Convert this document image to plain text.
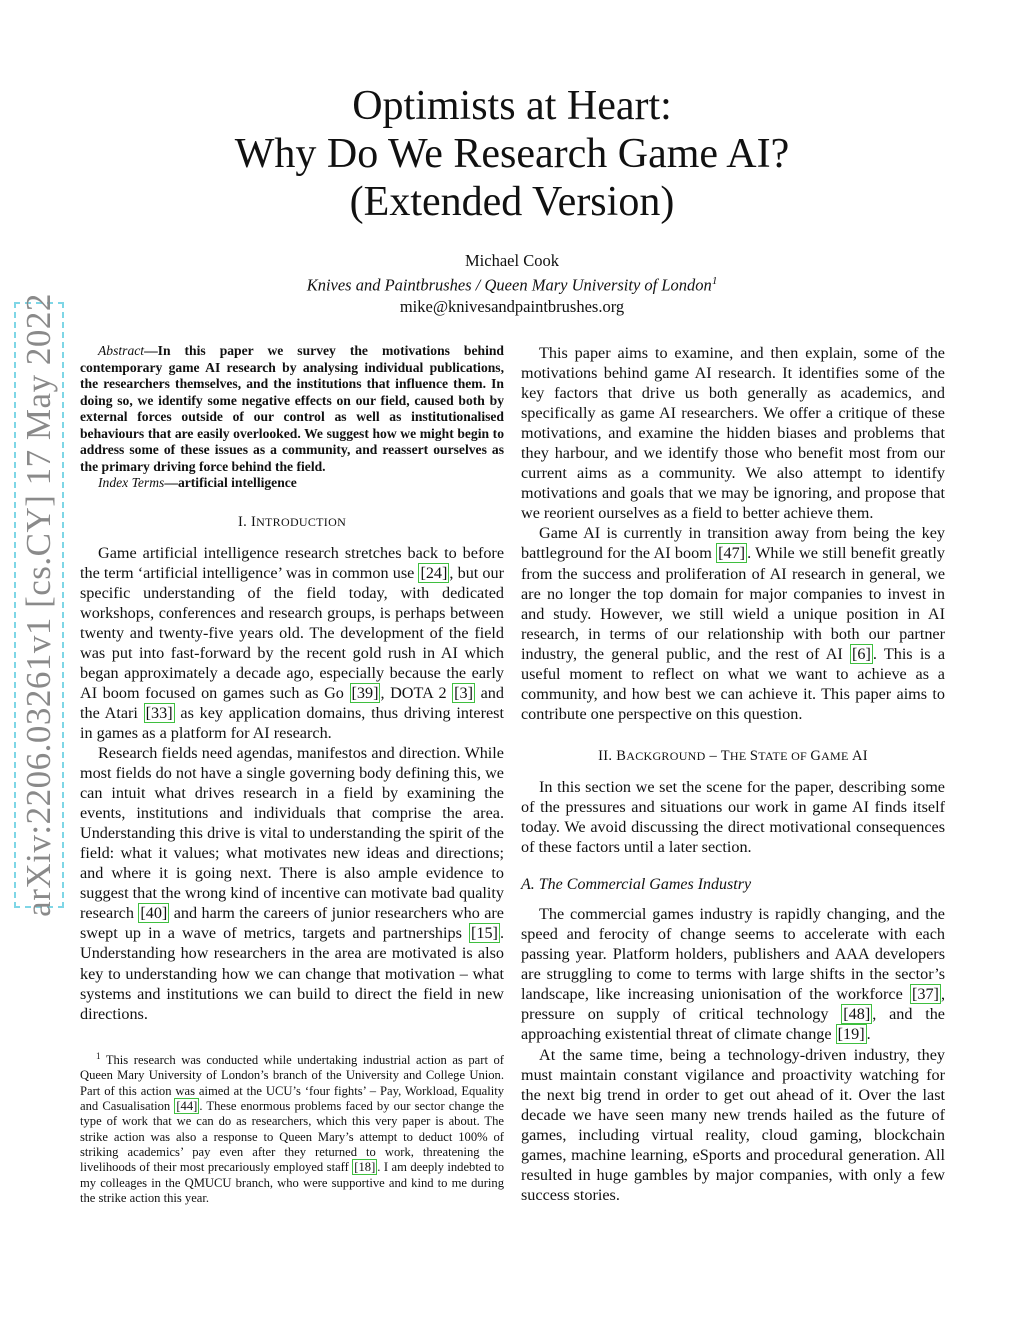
arXiv:2206.03261v1 [cs.CY] 17 May 2022
Optimists at Heart:
Why Do We Research Game AI?
(Extended Version)
Michael Cook
Knives and Paintbrushes / Queen Mary University of London$^1$
mike@knivesandpaintbrushes.org

Abstract—In this paper we survey the motivations behind contemporary game AI research by analysing individual publications, the researchers themselves, and the institutions that influence them. In doing so, we identify some negative effects on our field, caused both by external forces outside of our control as well as institutionalised behaviours that are easily overlooked. We suggest how we might begin to address some of these issues as a community, and reassert ourselves as the primary driving force behind the field.

Index Terms—artificial intelligence

I. INTRODUCTION

Game artificial intelligence research stretches back to before the term ‘artificial intelligence’ was in common use [24] , but our specific understanding of the field today, with dedicated workshops, conferences and research groups, is perhaps between twenty and twenty-five years old. The development of the field was put into fast-forward by the recent gold rush in AI which began approximately a decade ago, especially because the early AI boom focused on games such as Go [39] , DOTA 2 [3] and the Atari [33] as key application domains, thus driving interest in games as a platform for AI research.

Research fields need agendas, manifestos and direction. While most fields do not have a single governing body defining this, we can intuit what drives research in a field by examining the events, institutions and individuals that comprise the area. Understanding this drive is vital to understanding the spirit of the field: what it values; what motivates new ideas and directions; and where it is going next. There is also ample evidence to suggest that the wrong kind of incentive can motivate bad quality research [40] and harm the careers of junior researchers who are swept up in a wave of metrics, targets and partnerships [15] . Understanding how researchers in the area are motivated is also key to understanding how we can change that motivation – what systems and institutions we can build to direct the field in new directions.

$^1$ This research was conducted while undertaking industrial action as part of Queen Mary University of London’s branch of the University and College Union. Part of this action was aimed at the UCU’s ‘four fights’ – Pay, Workload, Equality and Casualisation [44] . These enormous problems faced by our sector change the type of work that we can do as researchers, which this very paper is about. The strike action was also a response to Queen Mary’s attempt to deduct 100% of striking academics’ pay even after they returned to work, threatening the livelihoods of their most precariously employed staff [18] . I am deeply indebted to my colleages in the QMUCU branch, who were supportive and kind to me during the strike action this year.

This paper aims to examine, and then explain, some of the motivations behind game AI research. It identifies some of the key factors that drive us both generally as academics, and specifically as game AI researchers. We offer a critique of these motivations, and examine the hidden biases and problems that they harbour, and we identify those who benefit most from our current aims as a community. We also attempt to identify motivations and goals that we may be ignoring, and propose that we reorient ourselves as a field to better achieve them.

Game AI is currently in transition away from being the key battleground for the AI boom [47] . While we still benefit greatly from the success and proliferation of AI research in general, we are no longer the top domain for major companies to invest in and study. However, we still wield a unique position in AI research, in terms of our relationship with both our partner industry, the general public, and the rest of AI [6] . This is a useful moment to reflect on what we want to achieve as a community, and how best we can achieve it. This paper aims to contribute one perspective on this question.

II. BACKGROUND – THE STATE OF GAME AI

In this section we set the scene for the paper, describing some of the pressures and situations our work in game AI finds itself today. We avoid discussing the direct motivational consequences of these factors until a later section.

A. The Commercial Games Industry

The commercial games industry is rapidly changing, and the speed and ferocity of change seems to accelerate with each passing year. Platform holders, publishers and AAA developers are struggling to come to terms with large shifts in the sector’s landscape, like increasing unionisation of the workforce [37] , pressure on supply of critical technology [48] , and the approaching existential threat of climate change [19] .

At the same time, being a technology-driven industry, they must maintain constant vigilance and proactivity watching for the next big trend in order to get out ahead of it. Over the last decade we have seen many new trends hailed as the future of games, including virtual reality, cloud gaming, blockchain games, machine learning, eSports and procedural generation. All resulted in huge gambles by major companies, with only a few success stories.
